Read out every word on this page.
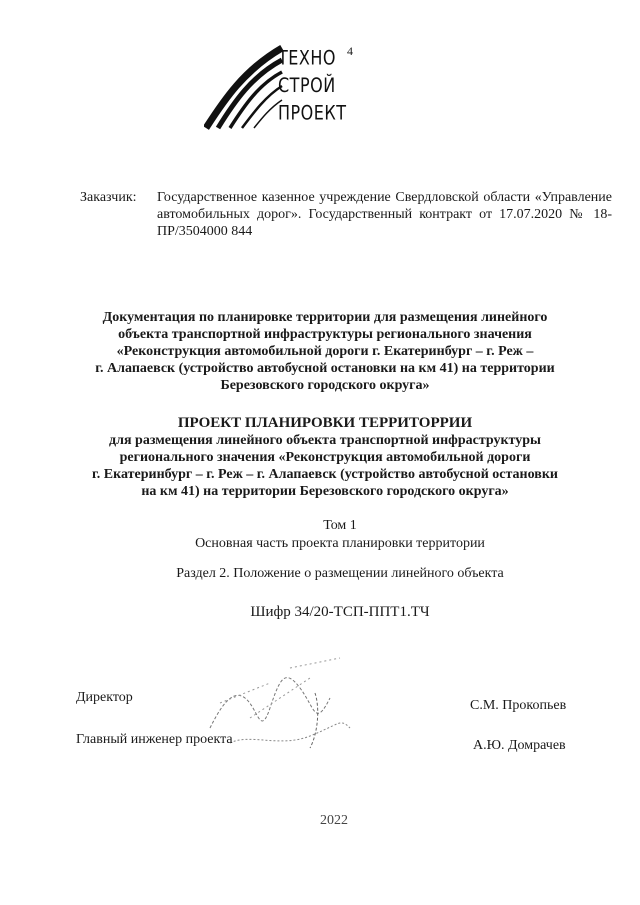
ТЕХНО
СТРОЙ
ПРОЕКТ
4
Заказчик: Государственное казенное учреждение Свердловской области «Управление автомобильных дорог». Государственный контракт от 17.07.2020 № 18-ПР/3504000 844
Документация по планировке территории для размещения линейного
объекта транспортной инфраструктуры регионального значения
«Реконструкция автомобильной дороги г. Екатеринбург – г. Реж –
г. Алапаевск (устройство автобусной остановки на км 41) на территории
Березовского городского округа»
ПРОЕКТ ПЛАНИРОВКИ ТЕРРИТОРРИИ
для размещения линейного объекта транспортной инфраструктуры
регионального значения «Реконструкция автомобильной дороги
г. Екатеринбург – г. Реж – г. Алапаевск (устройство автобусной остановки
на км 41) на территории Березовского городского округа»
Том 1
Основная часть проекта планировки территории
Раздел 2. Положение о размещении линейного объекта
Шифр 34/20-ТСП-ППТ1.ТЧ
Директор
С.М. Прокопьев
Главный инженер проекта	А.Ю. Домрачев
2022
